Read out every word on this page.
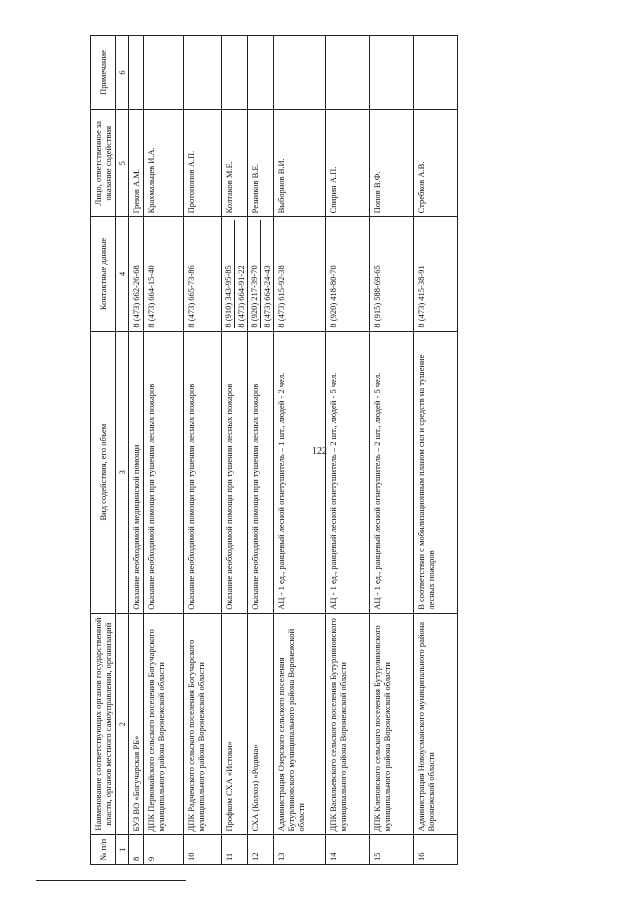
122
№ п/п	Наименование соответствующих органов государственной власти, органов местного самоуправления, организаций	Вид содействия, его объем	Контактные данные	Лицо, ответственное за оказание содействия	Примечание
1	2	3	4	5	6
8	БУЗ ВО «Богучарская РБ»	Оказание необходимой медицинской помощи	8 (473) 662-26-68	Греков А.М.	
9	ДПК Первомайского сельского поселения Богучарского муниципального района Воронежской области	Оказание необходимой помощи при тушении лесных пожаров	8 (473) 664-15-40	Крахмальцев И.А.	
10	ДПК Радченского сельского поселения Богучарского муниципального района Воронежской области	Оказание необходимой помощи при тушении лесных пожаров	8 (473) 665-73-86	Протопопов А.П.	
11	Профком СХА «Истоки»	Оказание необходимой помощи при тушении лесных пожаров	8 (910) 343-95-85 8 (473) 664-91-22	Колтаков М.Е.	
12	СХА (Колхоз) «Родина»	Оказание необходимой помощи при тушении лесных пожаров	8 (920) 217-39-70 8 (473) 664-24-43	Резников В.Е.	
13	Администрация Озерского сельского поселения Бутурлиновского муниципального района Воронежской области	АЦ - 1 ед., ранцевый лесной огнетушитель – 1 шт., людей - 2 чел.	8 (473) 615-92-38	Выборнов В.И.	
14	ДПК Васильевского сельского поселения Бутурлиновского муниципального района Воронежской области	АЦ - 1 ед., ранцевый лесной огнетушитель – 2 шт., людей - 5 чел.	8 (920) 418-80-70	Спирин А.П.	
15	ДПК Клеповского сельского поселения Бутурлиновского муниципального района Воронежской области	АЦ - 1 ед., ранцевый лесной огнетушитель – 2 шт., людей - 5 чел.	8 (915) 588-69-65	Попов В.Ф.	
16	Администрация Новоусманского муниципального района Воронежской области	В соответствии с мобилизационным планом сил и средств на тушение лесных пожаров	8 (473) 415-38-91	Стребков А.В.	
